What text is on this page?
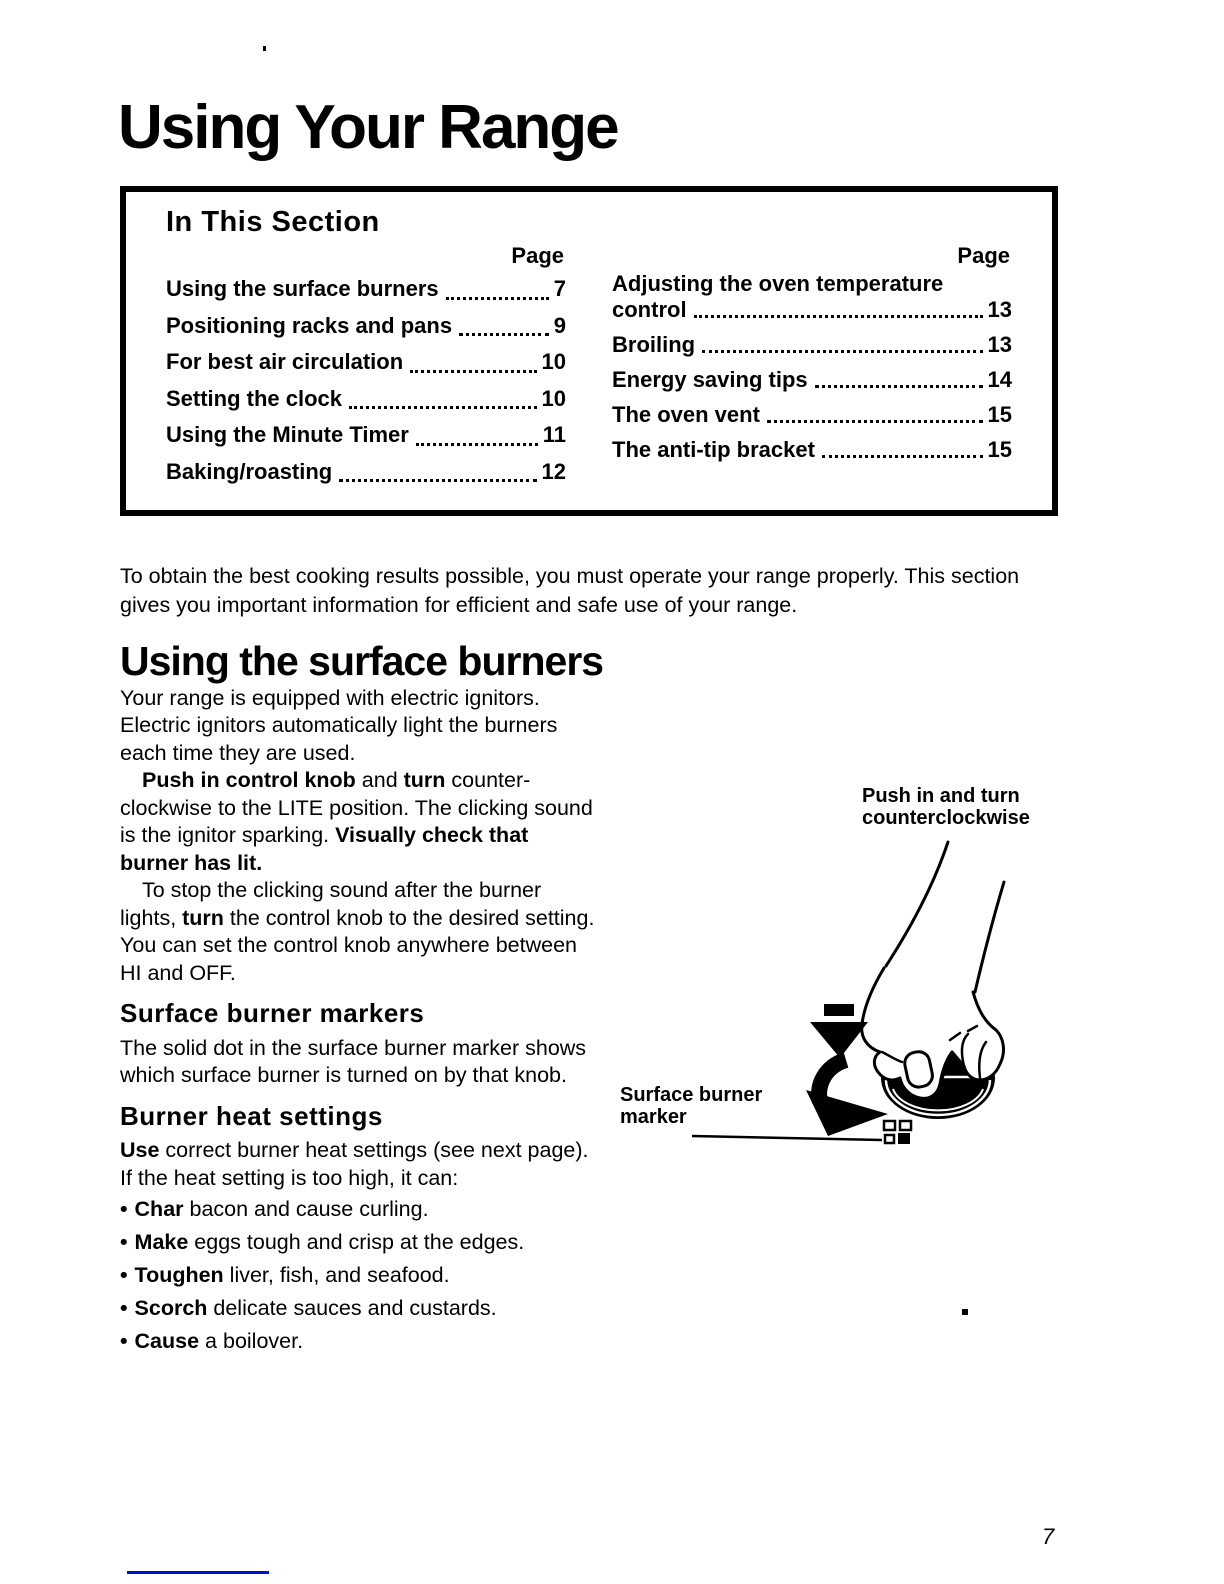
Using Your Range
In This Section
Page
Using the surface burners	7
Positioning racks and pans	9
For best air circulation	10
Setting the clock	10
Using the Minute Timer	11
Baking/roasting	12
Page
Adjusting the oven temperature
control	13
Broiling	13
Energy saving tips	14
The oven vent	15
The anti-tip bracket	15

To obtain the best cooking results possible, you must operate your range properly. This section gives you important information for efficient and safe use of your range.

Using the surface burners

Your range is equipped with electric ignitors. Electric ignitors automatically light the burners each time they are used.

Push in control knob and turn counter-clockwise to the LITE position. The clicking sound is the ignitor sparking. Visually check that burner has lit.

To stop the clicking sound after the burner lights, turn the control knob to the desired setting. You can set the control knob anywhere between HI and OFF.

Surface burner markers

The solid dot in the surface burner marker shows which surface burner is turned on by that knob.

Burner heat settings

Use correct burner heat settings (see next page). If the heat setting is too high, it can:

• Char bacon and cause curling.
• Make eggs tough and crisp at the edges.
• Toughen liver, fish, and seafood.
• Scorch delicate sauces and custards.
• Cause a boilover.
Push in and turn counterclockwise
Surface burner marker
7
